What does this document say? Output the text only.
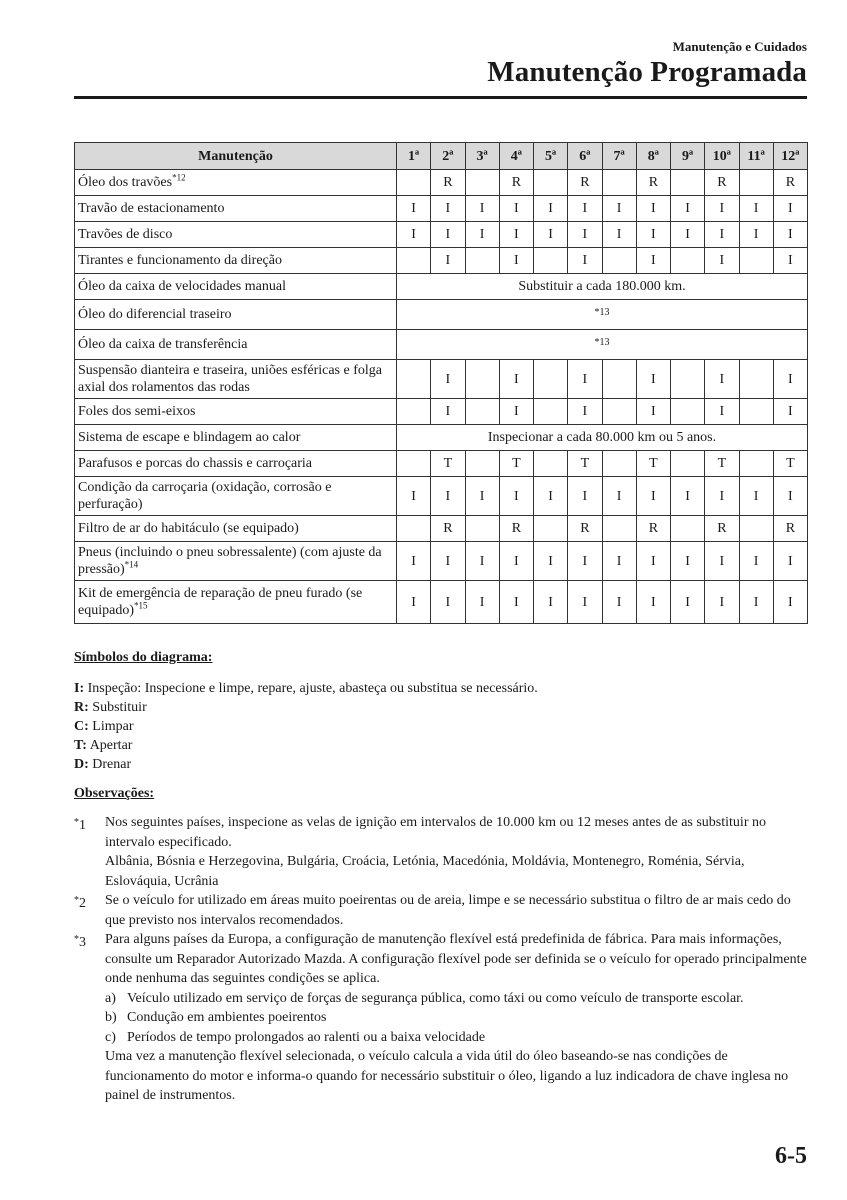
Manutenção e Cuidados
Manutenção Programada
Manutenção	1ª	2ª	3ª	4ª	5ª	6ª	7ª	8ª	9ª	10ª	11ª	12ª
Óleo dos travões$^{*12}$		R		R		R		R		R		R
Travão de estacionamento	I	I	I	I	I	I	I	I	I	I	I	I
Travões de disco	I	I	I	I	I	I	I	I	I	I	I	I
Tirantes e funcionamento da direção		I		I		I		I		I		I
Óleo da caixa de velocidades manual	Substituir a cada 180.000 km.											
Óleo do diferencial traseiro	*13											
Óleo da caixa de transferência	*13											
Suspensão dianteira e traseira, uniões esféricas e folga axial dos rolamentos das rodas		I		I		I		I		I		I
Foles dos semi-eixos		I		I		I		I		I		I
Sistema de escape e blindagem ao calor	Inspecionar a cada 80.000 km ou 5 anos.											
Parafusos e porcas do chassis e carroçaria		T		T		T		T		T		T
Condição da carroçaria (oxidação, corrosão e perfuração)	I	I	I	I	I	I	I	I	I	I	I	I
Filtro de ar do habitáculo (se equipado)		R		R		R		R		R		R
Pneus (incluindo o pneu sobressalente) (com ajuste da pressão)$^{*14}$	I	I	I	I	I	I	I	I	I	I	I	I
Kit de emergência de reparação de pneu furado (se equipado)$^{*15}$	I	I	I	I	I	I	I	I	I	I	I	I
Símbolos do diagrama:
I: Inspeção: Inspecione e limpe, repare, ajuste, abasteça ou substitua se necessário.
R: Substituir
C: Limpar
T: Apertar
D: Drenar
Observações:
*1	Nos seguintes países, inspecione as velas de ignição em intervalos de 10.000 km ou 12 meses antes de as substituir no intervalo especificado.
Albânia, Bósnia e Herzegovina, Bulgária, Croácia, Letónia, Macedónia, Moldávia, Montenegro, Roménia, Sérvia, Eslováquia, Ucrânia
*2	Se o veículo for utilizado em áreas muito poeirentas ou de areia, limpe e se necessário substitua o filtro de ar mais cedo do que previsto nos intervalos recomendados.
*3	Para alguns países da Europa, a configuração de manutenção flexível está predefinida de fábrica. Para mais informações, consulte um Reparador Autorizado Mazda. A configuração flexível pode ser definida se o veículo for operado principalmente onde nenhuma das seguintes condições se aplica.
a) Veículo utilizado em serviço de forças de segurança pública, como táxi ou como veículo de transporte escolar.
b) Condução em ambientes poeirentos
c) Períodos de tempo prolongados ao ralenti ou a baixa velocidade
Uma vez a manutenção flexível selecionada, o veículo calcula a vida útil do óleo baseando-se nas condições de funcionamento do motor e informa-o quando for necessário substituir o óleo, ligando a luz indicadora de chave inglesa no painel de instrumentos.
6-5
